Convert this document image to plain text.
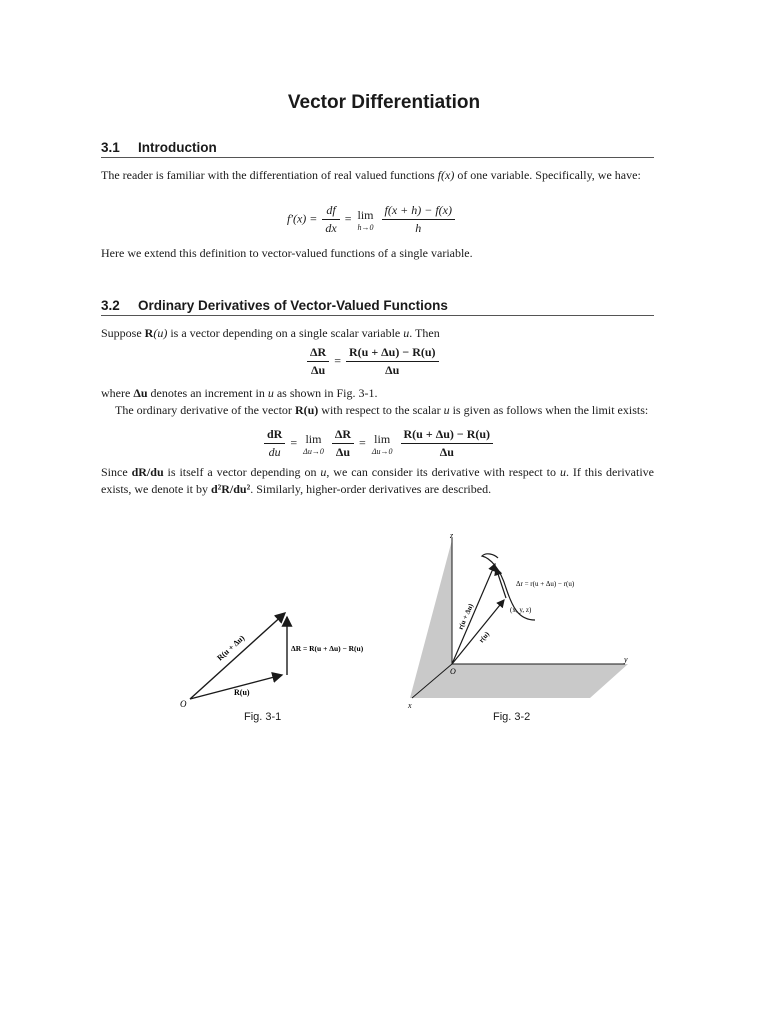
Vector Differentiation
3.1 Introduction
The reader is familiar with the differentiation of real valued functions f(x) of one variable. Specifically, we have:
$f'(x) = \frac{df}{dx} = \lim$
h→0
$\frac{f(x + h) - f(x)}{h}$
Here we extend this definition to vector-valued functions of a single variable.
3.2 Ordinary Derivatives of Vector-Valued Functions
Suppose R(u) is a vector depending on a single scalar variable u. Then
$\frac{\Delta R}{\Delta u} = \frac{R(u + \Delta u) - R(u)}{\Delta u}$
where Δu denotes an increment in u as shown in Fig. 3-1.
The ordinary derivative of the vector R(u) with respect to the scalar u is given as follows when the limit exists:
$\frac{dR}{du} = \lim$
Δu→0
$\frac{\Delta R}{\Delta u} = \lim$
Δu→0
$\frac{R(u + \Delta u) - R(u)}{\Delta u}$
Since dR/du is itself a vector depending on u, we can consider its derivative with respect to u. If this derivative exists, we denote it by d²R/du². Similarly, higher-order derivatives are described.
O
R(u)
R(u + Δu)	ΔR = R(u + Δu) − R(u)
Fig. 3-1
z
y
x
O
Δr = r(u + Δu) − r(u)
(x, y, z)
r(u)
r(u + Δu)
Fig. 3-2
